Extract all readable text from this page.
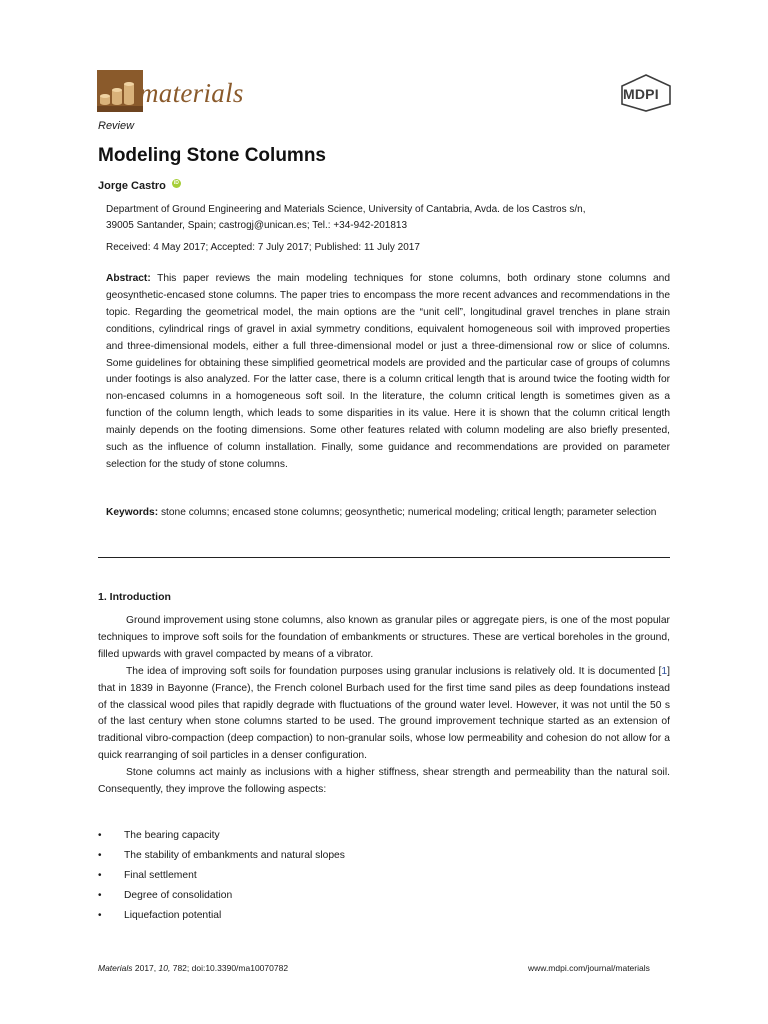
materials	MDPI
Review
Modeling Stone Columns
Jorge Castro	iD
Department of Ground Engineering and Materials Science, University of Cantabria, Avda. de los Castros s/n,
39005 Santander, Spain; castrogj@unican.es; Tel.: +34-942-201813
Received: 4 May 2017; Accepted: 7 July 2017; Published: 11 July 2017
Abstract: This paper reviews the main modeling techniques for stone columns, both ordinary stone columns and geosynthetic-encased stone columns. The paper tries to encompass the more recent advances and recommendations in the topic. Regarding the geometrical model, the main options are the “unit cell”, longitudinal gravel trenches in plane strain conditions, cylindrical rings of gravel in axial symmetry conditions, equivalent homogeneous soil with improved properties and three-dimensional models, either a full three-dimensional model or just a three-dimensional row or slice of columns. Some guidelines for obtaining these simplified geometrical models are provided and the particular case of groups of columns under footings is also analyzed. For the latter case, there is a column critical length that is around twice the footing width for non-encased columns in a homogeneous soft soil. In the literature, the column critical length is sometimes given as a function of the column length, which leads to some disparities in its value. Here it is shown that the column critical length mainly depends on the footing dimensions. Some other features related with column modeling are also briefly presented, such as the influence of column installation. Finally, some guidance and recommendations are provided on parameter selection for the study of stone columns.
Keywords: stone columns; encased stone columns; geosynthetic; numerical modeling; critical length; parameter selection
1. Introduction

Ground improvement using stone columns, also known as granular piles or aggregate piers, is one of the most popular techniques to improve soft soils for the foundation of embankments or structures. These are vertical boreholes in the ground, filled upwards with gravel compacted by means of a vibrator.

The idea of improving soft soils for foundation purposes using granular inclusions is relatively old. It is documented [1] that in 1839 in Bayonne (France), the French colonel Burbach used for the first time sand piles as deep foundations instead of the classical wood piles that rapidly degrade with fluctuations of the ground water level. However, it was not until the 50 s of the last century when stone columns started to be used. The ground improvement technique started as an extension of traditional vibro-compaction (deep compaction) to non-granular soils, whose low permeability and cohesion do not allow for a quick rearranging of soil particles in a denser configuration.

Stone columns act mainly as inclusions with a higher stiffness, shear strength and permeability than the natural soil. Consequently, they improve the following aspects:

•	The bearing capacity
•	The stability of embankments and natural slopes
•	Final settlement
•	Degree of consolidation
•	Liquefaction potential
Materials 2017, 10, 782; doi:10.3390/ma10070782	www.mdpi.com/journal/materials
